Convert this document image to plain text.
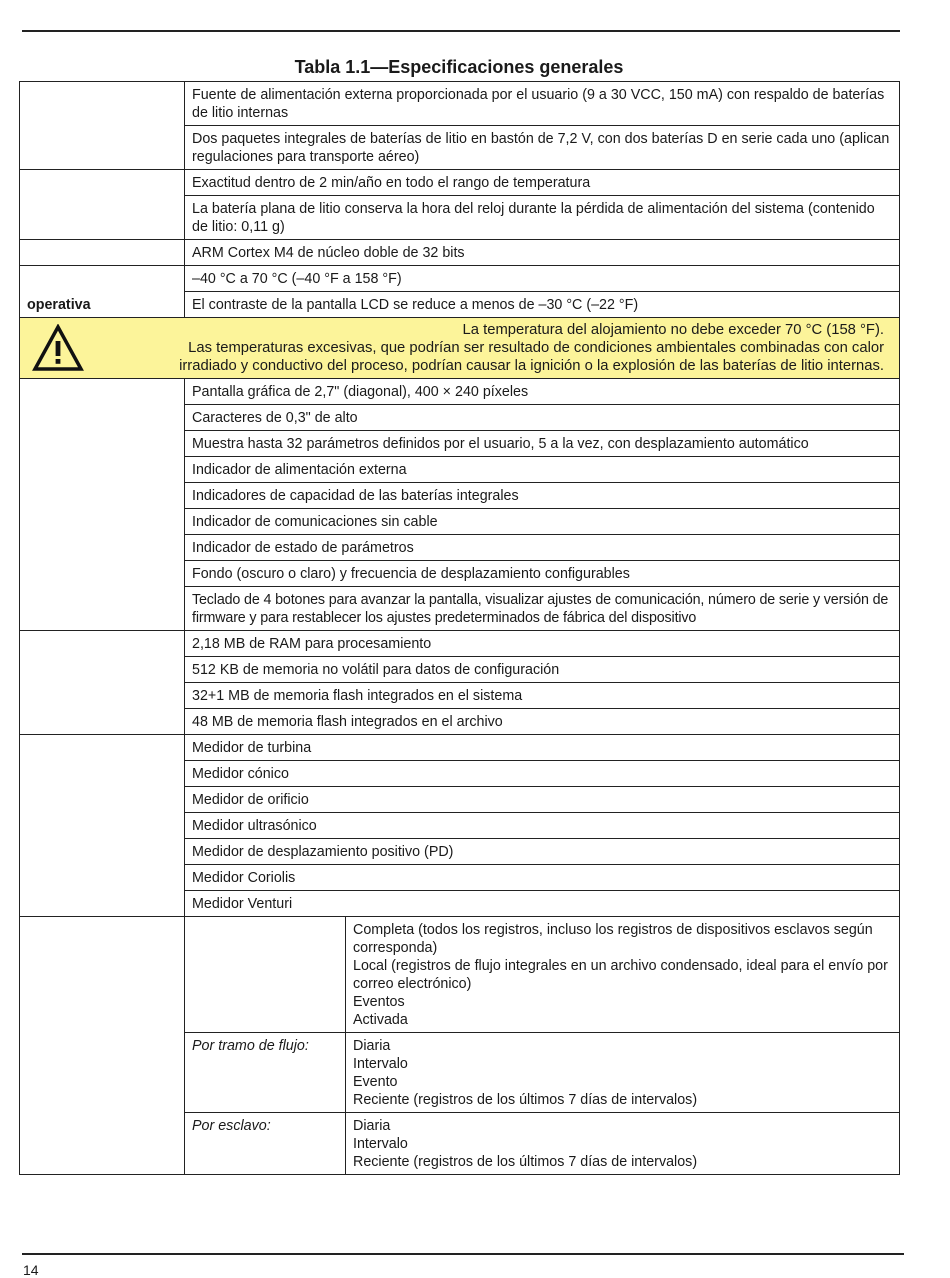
Tabla 1.1—Especificaciones generales
	Fuente de alimentación externa proporcionada por el usuario (9 a 30 VCC, 150 mA) con respaldo de baterías de litio internas	
	Dos paquetes integrales de baterías de litio en bastón de 7,2 V, con dos baterías D en serie cada uno (aplican regulaciones para transporte aéreo)	
	Exactitud dentro de 2 min/año en todo el rango de temperatura	
	La batería plana de litio conserva la hora del reloj durante la pérdida de alimentación del sistema (contenido de litio: 0,11 g)	
	ARM Cortex M4 de núcleo doble de 32 bits	
operativa	–40 °C a 70 °C (–40 °F a 158 °F)	
	El contraste de la pantalla LCD se reduce a menos de –30 °C (–22 °F)	

La temperatura del alojamiento no debe exceder 70 °C (158 °F).
Las temperaturas excesivas, que podrían ser resultado de condiciones ambientales combinadas con calor
irradiado y conductivo del proceso, podrían causar la ignición o la explosión de las baterías de litio internas.		

	Pantalla gráfica de 2,7" (diagonal), 400 × 240 píxeles	
	Caracteres de 0,3" de alto	
	Muestra hasta 32 parámetros definidos por el usuario, 5 a la vez, con desplazamiento automático	
	Indicador de alimentación externa	
	Indicadores de capacidad de las baterías integrales	
	Indicador de comunicaciones sin cable	
	Indicador de estado de parámetros	
	Fondo (oscuro o claro) y frecuencia de desplazamiento configurables	
	Teclado de 4 botones para avanzar la pantalla, visualizar ajustes de comunicación, número de serie y versión de firmware y para restablecer los ajustes predeterminados de fábrica del dispositivo	
	2,18 MB de RAM para procesamiento	
	512 KB de memoria no volátil para datos de configuración	
	32+1 MB de memoria flash integrados en el sistema	
	48 MB de memoria flash integrados en el archivo	
	Medidor de turbina	
	Medidor cónico	
	Medidor de orificio	
	Medidor ultrasónico	
	Medidor de desplazamiento positivo (PD)	
	Medidor Coriolis	
	Medidor Venturi	

		Completa (todos los registros, incluso los registros de dispositivos esclavos según corresponda)
Local (registros de flujo integrales en un archivo condensado, ideal para el envío por correo electrónico)
Eventos
Activada

	Por tramo de flujo:	Diaria
Intervalo
Evento
Reciente (registros de los últimos 7 días de intervalos)

	Por esclavo:	Diaria
Intervalo
Reciente (registros de los últimos 7 días de intervalos)
14
